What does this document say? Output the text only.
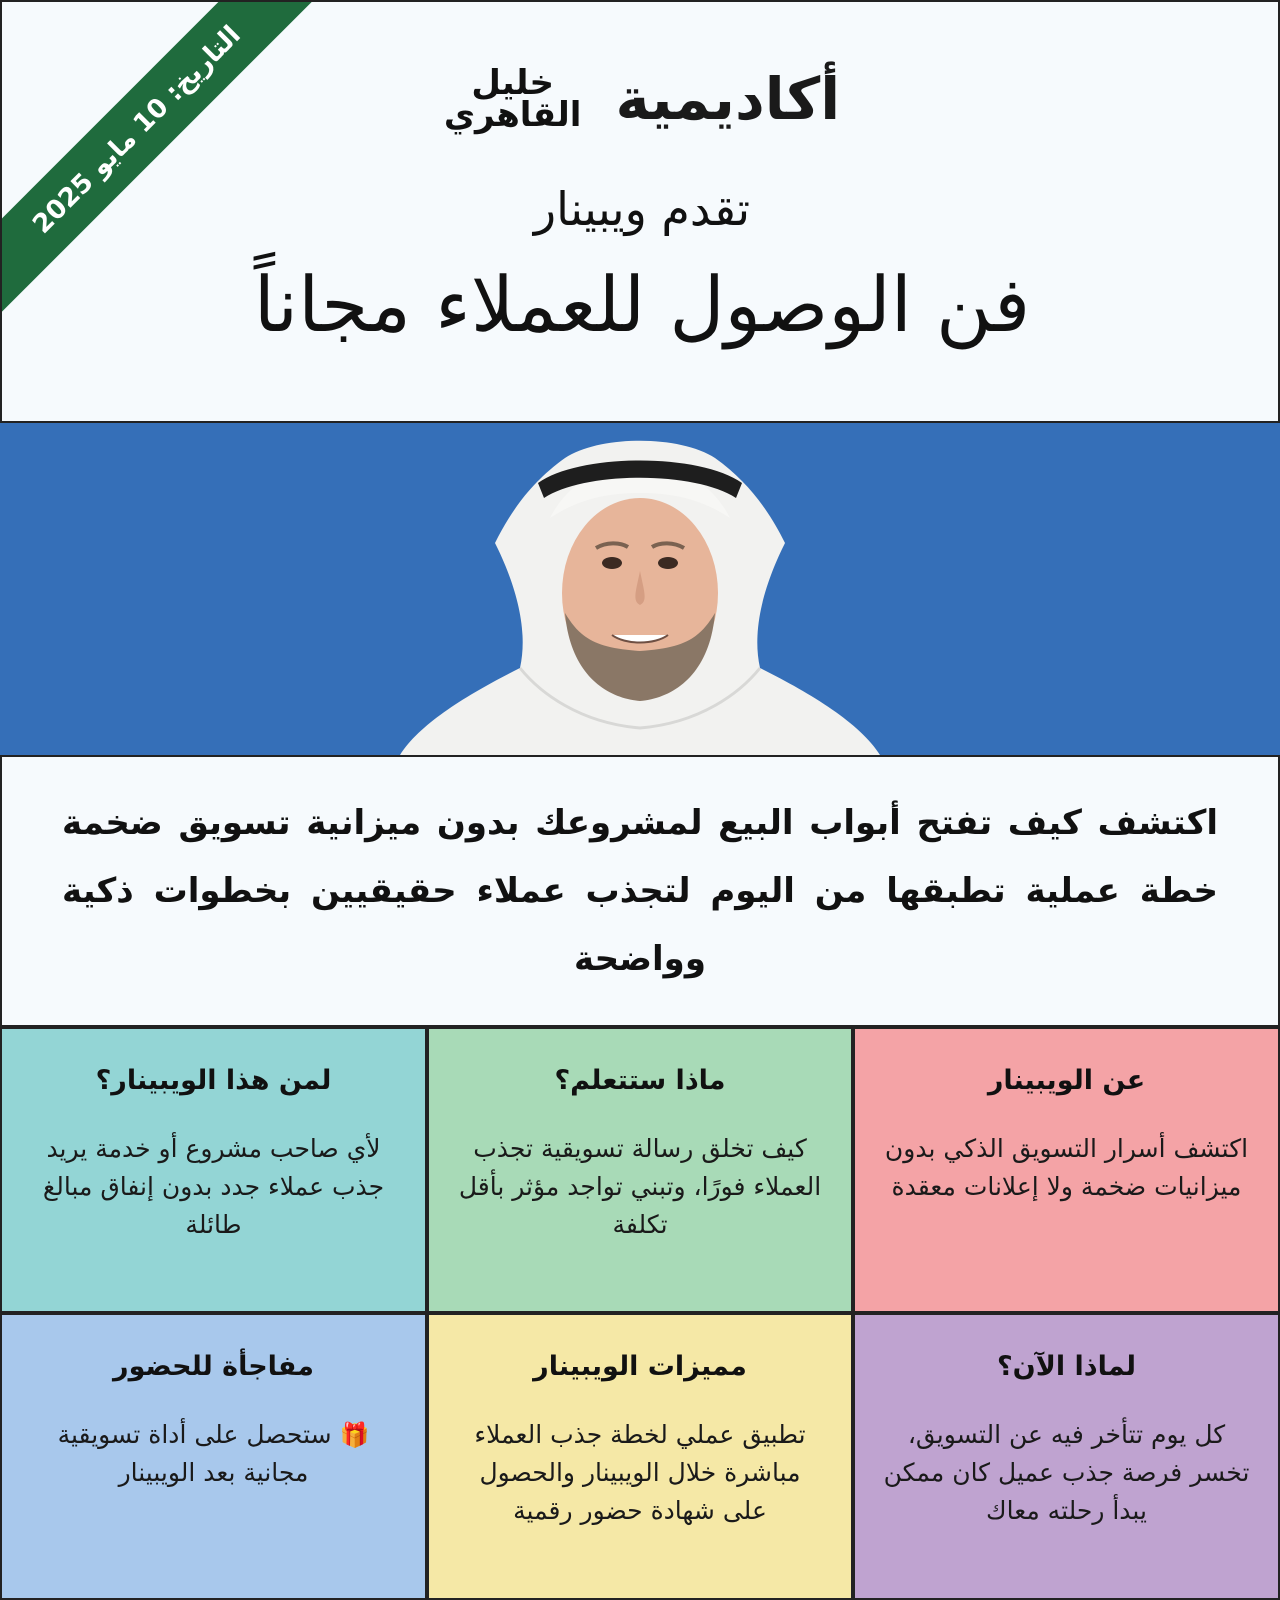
التاريخ: 10 مايو 2025	أكاديمية
خليل
القاهري
تقدم ويبينار
فن الوصول للعملاء مجاناً

اكتشف كيف تفتح أبواب البيع لمشروعك بدون ميزانية تسويق ضخمة خطة عملية تطبقها من اليوم لتجذب عملاء حقيقيين بخطوات ذكية وواضحة

عن الويبينار

اكتشف أسرار التسويق الذكي بدون ميزانيات ضخمة ولا إعلانات معقدة

ماذا ستتعلم؟

كيف تخلق رسالة تسويقية تجذب العملاء فورًا، وتبني تواجد مؤثر بأقل تكلفة

لمن هذا الويبينار؟

لأي صاحب مشروع أو خدمة يريد جذب عملاء جدد بدون إنفاق مبالغ طائلة

لماذا الآن؟

كل يوم تتأخر فيه عن التسويق، تخسر فرصة جذب عميل كان ممكن يبدأ رحلته معاك

مميزات الويبينار

تطبيق عملي لخطة جذب العملاء مباشرة خلال الويبينار والحصول على شهادة حضور رقمية

مفاجأة للحضور

🎁 ستحصل على أداة تسويقية مجانية بعد الويبينار
